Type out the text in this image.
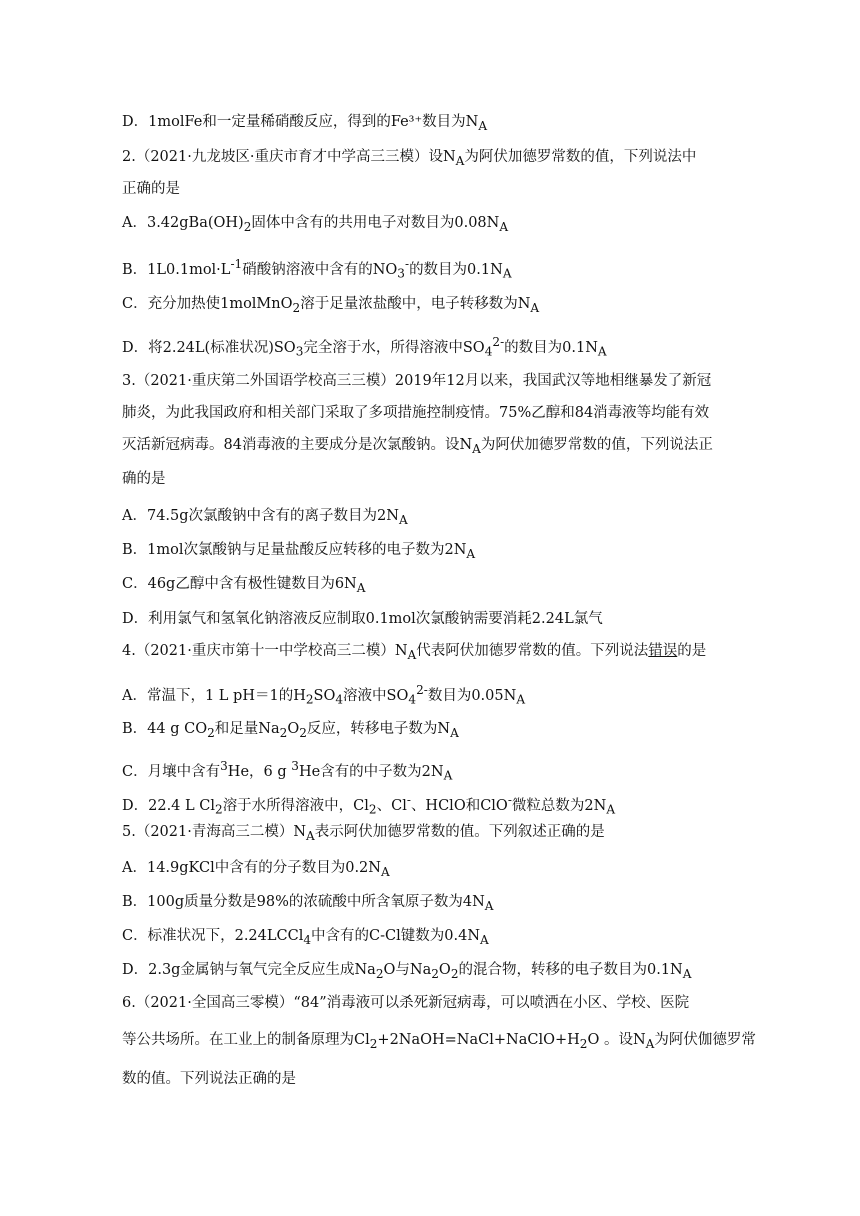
D．1molFe和一定量稀硝酸反应，得到的Fe³⁺数目为$N_A$
2.（2021·九龙坡区·重庆市育才中学高三三模）设$N_A$为阿伏加德罗常数的值，下列说法中
正确的是
A．$3.42gBa(OH)_2$固体中含有的共用电子对数目为$0.08N_A$
B．$1L0.1mol\cdot L^{-1}$硝酸钠溶液中含有的$NO_3^-$的数目为$0.1N_A$
C．充分加热使1molMnO$_2$溶于足量浓盐酸中，电子转移数为$N_A$
D．将2.24L(标准状况)$SO_3$完全溶于水，所得溶液中$SO_4^{2-}$的数目为$0.1N_A$
3.（2021·重庆第二外国语学校高三三模）2019年12月以来，我国武汉等地相继暴发了新冠
肺炎，为此我国政府和相关部门采取了多项措施控制疫情。75%乙醇和84消毒液等均能有效
灭活新冠病毒。84消毒液的主要成分是次氯酸钠。设$N_A$为阿伏加德罗常数的值，下列说法正
确的是
A．74.5g次氯酸钠中含有的离子数目为$2N_A$
B．1mol次氯酸钠与足量盐酸反应转移的电子数为$2N_A$
C．46g乙醇中含有极性键数目为$6N_A$
D．利用氯气和氢氧化钠溶液反应制取0.1mol次氯酸钠需要消耗2.24L氯气
4.（2021·重庆市第十一中学校高三二模）$N_A$代表阿伏加德罗常数的值。下列说法错误的是
A．常温下，1 L pH＝1的$H_2SO_4$溶液中$SO_4^{2-}$数目为$0.05N_A$
B．44 g $CO_2$和足量$Na_2O_2$反应，转移电子数为$N_A$
C．月壤中含有$^3$He，6 g $^3$He含有的中子数为$2N_A$
D．22.4 L $Cl_2$溶于水所得溶液中，$Cl_2$、Cl-、HClO和ClO-微粒总数为$2N_A$
5.（2021·青海高三二模）$N_A$表示阿伏加德罗常数的值。下列叙述正确的是
A．14.9gKCl中含有的分子数目为$0.2N_A$
B．100g质量分数是98%的浓硫酸中所含氧原子数为$4N_A$
C．标准状况下，2.24LCCl$_4$中含有的C-Cl键数为$0.4N_A$
D．2.3g金属钠与氧气完全反应生成$Na_2O$与$Na_2O_2$的混合物，转移的电子数目为$0.1N_A$
6.（2021·全国高三零模）“84”消毒液可以杀死新冠病毒，可以喷洒在小区、学校、医院
等公共场所。在工业上的制备原理为$Cl_2+2NaOH=NaCl+NaClO+H_2O$ 。设$N_A$为阿伏伽德罗常
数的值。下列说法正确的是
